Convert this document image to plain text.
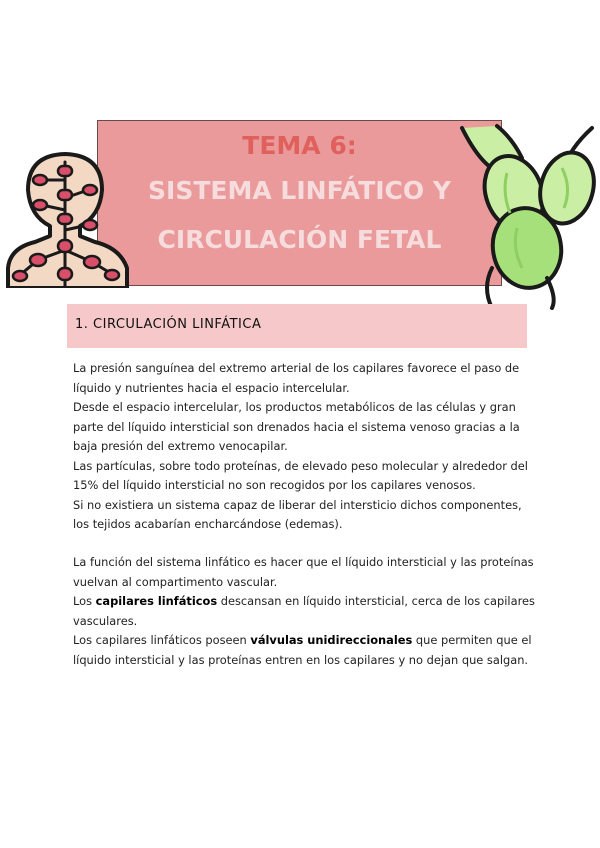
TEMA 6:
SISTEMA LINFÁTICO Y
CIRCULACIÓN FETAL
1. CIRCULACIÓN LINFÁTICA
La presión sanguínea del extremo arterial de los capilares favorece el paso de
líquido y nutrientes hacia el espacio intercelular.
Desde el espacio intercelular, los productos metabólicos de las células y gran
parte del líquido intersticial son drenados hacia el sistema venoso gracias a la
baja presión del extremo venocapilar.
Las partículas, sobre todo proteínas, de elevado peso molecular y alrededor del
15% del líquido intersticial no son recogidos por los capilares venosos.
Si no existiera un sistema capaz de liberar del intersticio dichos componentes,
los tejidos acabarían encharcándose (edemas).
La función del sistema linfático es hacer que el líquido intersticial y las proteínas
vuelvan al compartimento vascular.
Los capilares linfáticos descansan en líquido intersticial, cerca de los capilares
vasculares.
Los capilares linfáticos poseen válvulas unidireccionales que permiten que el
líquido intersticial y las proteínas entren en los capilares y no dejan que salgan.
